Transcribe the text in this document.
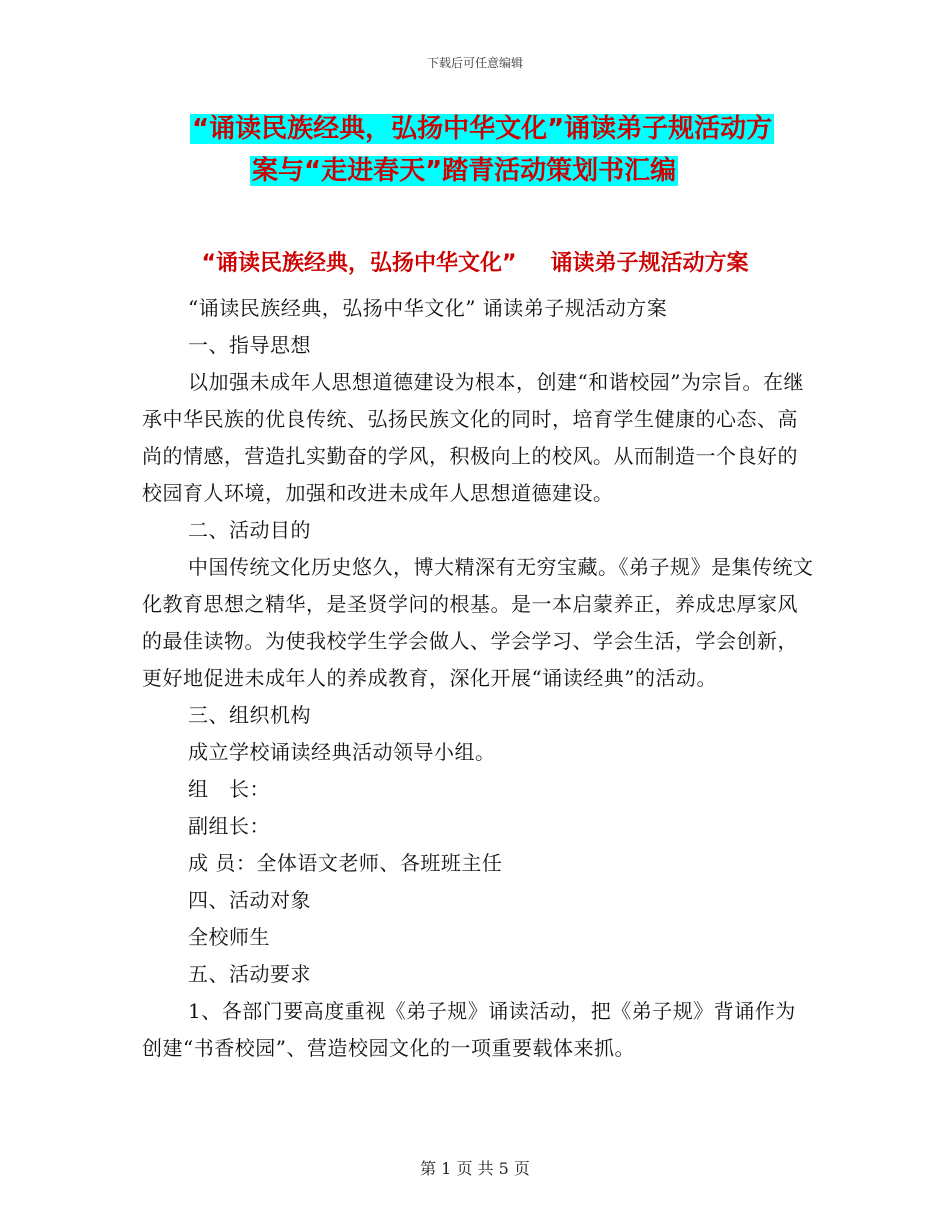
下载后可任意编辑
“诵读民族经典，弘扬中华文化”诵读弟子规活动方
案与“走进春天”踏青活动策划书汇编
“诵读民族经典，弘扬中华文化” 诵读弟子规活动方案

“诵读民族经典，弘扬中华文化” 诵读弟子规活动方案

一、指导思想

以加强未成年人思想道德建设为根本，创建“和谐校园”为宗旨。在继承中华民族的优良传统、弘扬民族文化的同时，培育学生健康的心态、高尚的情感，营造扎实勤奋的学风，积极向上的校风。从而制造一个良好的校园育人环境，加强和改进未成年人思想道德建设。

二、活动目的

中国传统文化历史悠久，博大精深有无穷宝藏。《弟子规》是集传统文化教育思想之精华，是圣贤学问的根基。是一本启蒙养正，养成忠厚家风的最佳读物。为使我校学生学会做人、学会学习、学会生活，学会创新，更好地促进未成年人的养成教育，深化开展“诵读经典”的活动。

三、组织机构

成立学校诵读经典活动领导小组。

组　长：

副组长：

成 员：全体语文老师、各班班主任

四、活动对象

全校师生

五、活动要求

1、各部门要高度重视《弟子规》诵读活动，把《弟子规》背诵作为创建“书香校园”、营造校园文化的一项重要载体来抓。

第 1 页 共 5 页
